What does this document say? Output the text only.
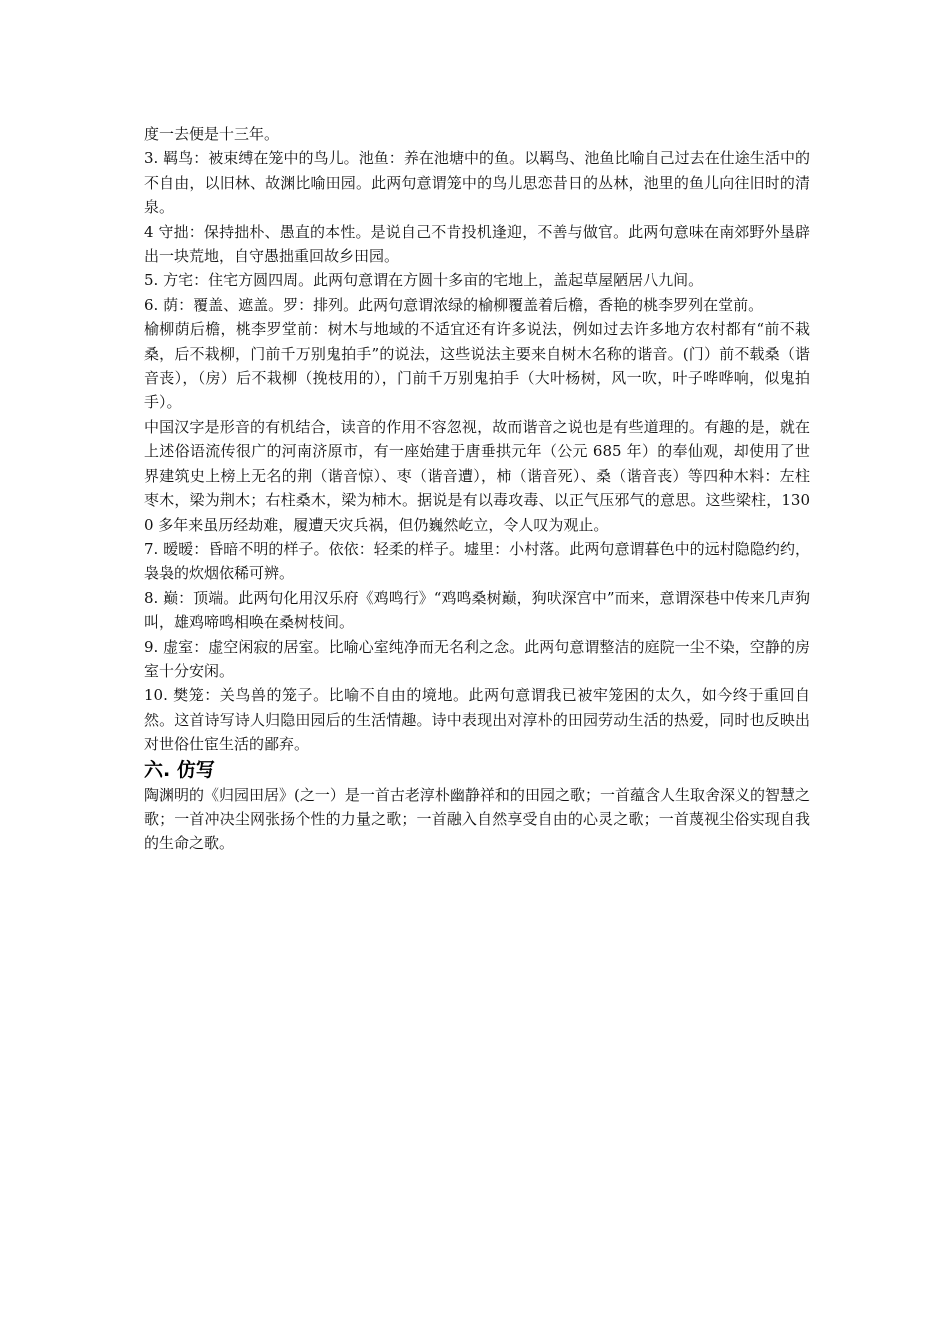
度一去便是十三年。

3. 羁鸟：被束缚在笼中的鸟儿。池鱼：养在池塘中的鱼。以羁鸟、池鱼比喻自己过去在仕途生活中的不自由，以旧林、故渊比喻田园。此两句意谓笼中的鸟儿思恋昔日的丛林，池里的鱼儿向往旧时的清泉。

4 守拙：保持拙朴、愚直的本性。是说自己不肯投机逢迎，不善与做官。此两句意味在南郊野外垦辟出一块荒地，自守愚拙重回故乡田园。

5. 方宅：住宅方圆四周。此两句意谓在方圆十多亩的宅地上，盖起草屋陋居八九间。

6. 荫：覆盖、遮盖。罗：排列。此两句意谓浓绿的榆柳覆盖着后檐，香艳的桃李罗列在堂前。

榆柳荫后檐，桃李罗堂前：树木与地域的不适宜还有许多说法，例如过去许多地方农村都有“前不栽桑，后不栽柳，门前千万别鬼拍手”的说法，这些说法主要来自树木名称的谐音。(门）前不载桑（谐音丧），（房）后不栽柳（挽枝用的），门前千万别鬼拍手（大叶杨树，风一吹，叶子哗哗响，似鬼拍手）。

中国汉字是形音的有机结合，读音的作用不容忽视，故而谐音之说也是有些道理的。有趣的是，就在上述俗语流传很广的河南济原市，有一座始建于唐垂拱元年（公元 685 年）的奉仙观，却使用了世界建筑史上榜上无名的荆（谐音惊）、枣（谐音遭），柿（谐音死）、桑（谐音丧）等四种木料：左柱枣木，梁为荆木；右柱桑木，梁为柿木。据说是有以毒攻毒、以正气压邪气的意思。这些梁柱，1300 多年来虽历经劫难，履遭天灾兵祸，但仍巍然屹立，令人叹为观止。

7. 暧暧：昏暗不明的样子。依依：轻柔的样子。墟里：小村落。此两句意谓暮色中的远村隐隐约约，袅袅的炊烟依稀可辨。

8. 巅：顶端。此两句化用汉乐府《鸡鸣行》“鸡鸣桑树巅，狗吠深宫中”而来，意谓深巷中传来几声狗叫，雄鸡啼鸣相唤在桑树枝间。

9. 虚室：虚空闲寂的居室。比喻心室纯净而无名利之念。此两句意谓整洁的庭院一尘不染，空静的房室十分安闲。

10. 樊笼：关鸟兽的笼子。比喻不自由的境地。此两句意谓我已被牢笼困的太久，如今终于重回自然。这首诗写诗人归隐田园后的生活情趣。诗中表现出对淳朴的田园劳动生活的热爱，同时也反映出对世俗仕宦生活的鄙弃。

六. 仿写

陶渊明的《归园田居》(之一）是一首古老淳朴幽静祥和的田园之歌；一首蕴含人生取舍深义的智慧之歌；一首冲决尘网张扬个性的力量之歌；一首融入自然享受自由的心灵之歌；一首蔑视尘俗实现自我的生命之歌。
